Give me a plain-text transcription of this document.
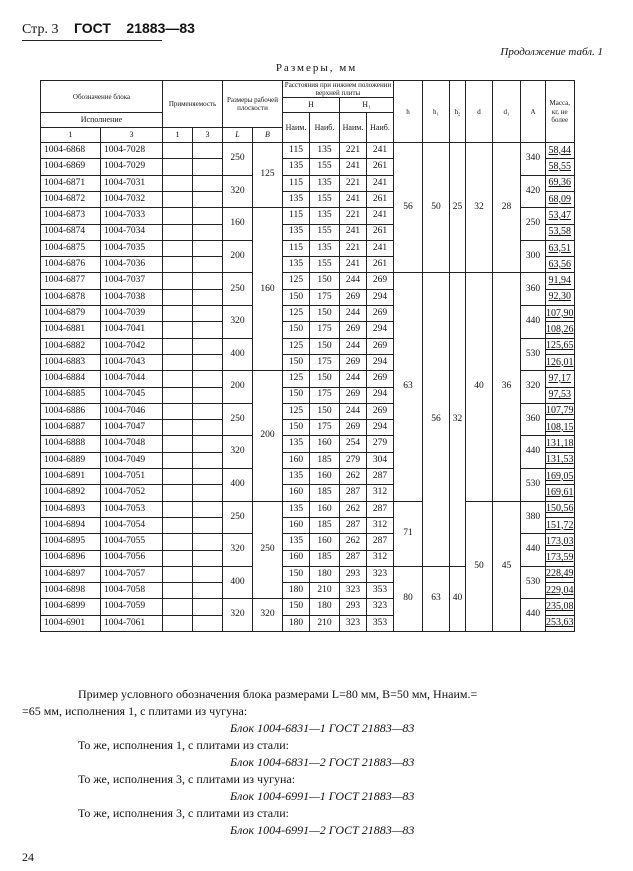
Стр. 3 ГОСТ 21883—83
Продолжение табл. 1
Размеры, мм
Обозначение блока		Применяемость		Размеры рабочей плоскости		Расстояния при нижнем положении верхней плиты				h	h₁	h₂	d	d₁	A	Масса, кг, не более
						H		H₁								
Исполнение						Наим.	Наиб.	Наим.	Наиб.							
1	3	1	3	L	B											

1004-6868	1004-7028			250	125	115	135	221	241	56	50	25	32	28	340	58,44
1004-6869	1004-7029					135	155	241	261							58,55
1004-6871	1004-7031			320		115	135	221	241						420	69,36
1004-6872	1004-7032					135	155	241	261							68,09
1004-6873	1004-7033			160	160	115	135	221	241						250	53,47
1004-6874	1004-7034					135	155	241	261							53,58
1004-6875	1004-7035			200		115	135	221	241						300	63,51
1004-6876	1004-7036					135	155	241	261							63,56
1004-6877	1004-7037			250		125	150	244	269	63	56	32	40	36	360	91,94
1004-6878	1004-7038					150	175	269	294							92,30
1004-6879	1004-7039			320		125	150	244	269						440	107,90
1004-6881	1004-7041					150	175	269	294							108,26
1004-6882	1004-7042			400		125	150	244	269						530	125,65
1004-6883	1004-7043					150	175	269	294							126,01
1004-6884	1004-7044			200	200	125	150	244	269						320	97,17
1004-6885	1004-7045					150	175	269	294							97,53
1004-6886	1004-7046			250		125	150	244	269						360	107,79
1004-6887	1004-7047					150	175	269	294							108,15
1004-6888	1004-7048			320		135	160	254	279						440	131,18
1004-6889	1004-7049					160	185	279	304							131,53
1004-6891	1004-7051			400		135	160	262	287						530	169,05
1004-6892	1004-7052					160	185	287	312							169,61
1004-6893	1004-7053			250	250	135	160	262	287	71			50	45	380	150,56
1004-6894	1004-7054					160	185	287	312							151,72
1004-6895	1004-7055			320		135	160	262	287						440	173,03
1004-6896	1004-7056					160	185	287	312							173,59
1004-6897	1004-7057			400		150	180	293	323	80	63	40			530	228,49
1004-6898	1004-7058					180	210	323	353							229,04
1004-6899	1004-7059			320	320	150	180	293	323						440	235,08
1004-6901	1004-7061					180	210	323	353							253,63
Пример условного обозначения блока размерами L=80 мм, B=50 мм, Hнаим.=
=65 мм, исполнения 1, с плитами из чугуна:
Блок 1004-6831—1 ГОСТ 21883—83
То же, исполнения 1, с плитами из стали:
Блок 1004-6831—2 ГОСТ 21883—83
То же, исполнения 3, с плитами из чугуна:
Блок 1004-6991—1 ГОСТ 21883—83
То же, исполнения 3, с плитами из стали:
Блок 1004-6991—2 ГОСТ 21883—83
24
